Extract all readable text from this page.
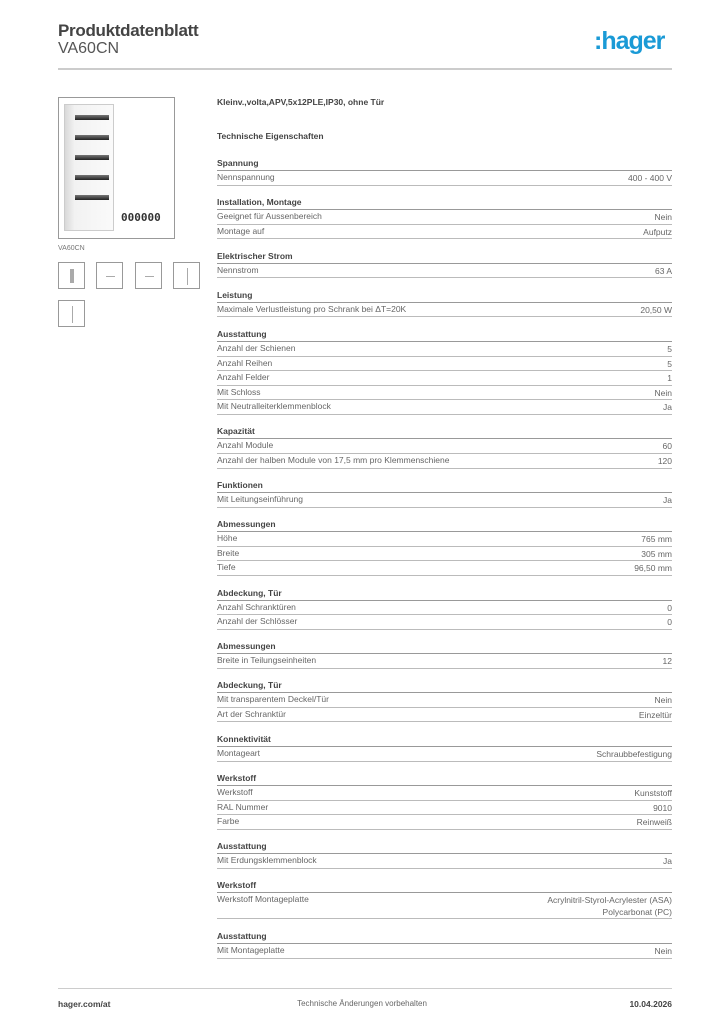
Produktdatenblatt
VA60CN	:hager
000000
VA60CN
Kleinv.,volta,APV,5x12PLE,IP30, ohne Tür
Technische Eigenschaften
Spannung
Nennspannung	400 - 400 V
Installation, Montage
Geeignet für Aussenbereich	Nein
Montage auf	Aufputz
Elektrischer Strom
Nennstrom	63 A
Leistung
Maximale Verlustleistung pro Schrank bei ΔT=20K	20,50 W
Ausstattung
Anzahl der Schienen	5
Anzahl Reihen	5
Anzahl Felder	1
Mit Schloss	Nein
Mit Neutralleiterklemmenblock	Ja
Kapazität
Anzahl Module	60
Anzahl der halben Module von 17,5 mm pro Klemmenschiene	120
Funktionen
Mit Leitungseinführung	Ja
Abmessungen
Höhe	765 mm
Breite	305 mm
Tiefe	96,50 mm
Abdeckung, Tür
Anzahl Schranktüren	0
Anzahl der Schlösser	0
Abmessungen
Breite in Teilungseinheiten	12
Abdeckung, Tür
Mit transparentem Deckel/Tür	Nein
Art der Schranktür	Einzeltür
Konnektivität
Montageart	Schraubbefestigung
Werkstoff
Werkstoff	Kunststoff
RAL Nummer	9010
Farbe	Reinweiß
Ausstattung
Mit Erdungsklemmenblock	Ja
Werkstoff
Werkstoff Montageplatte	Acrylnitril-Styrol-Acrylester (ASA)
Polycarbonat (PC)
Ausstattung
Mit Montageplatte	Nein
hager.com/at	Technische Änderungen vorbehalten	10.04.2026
